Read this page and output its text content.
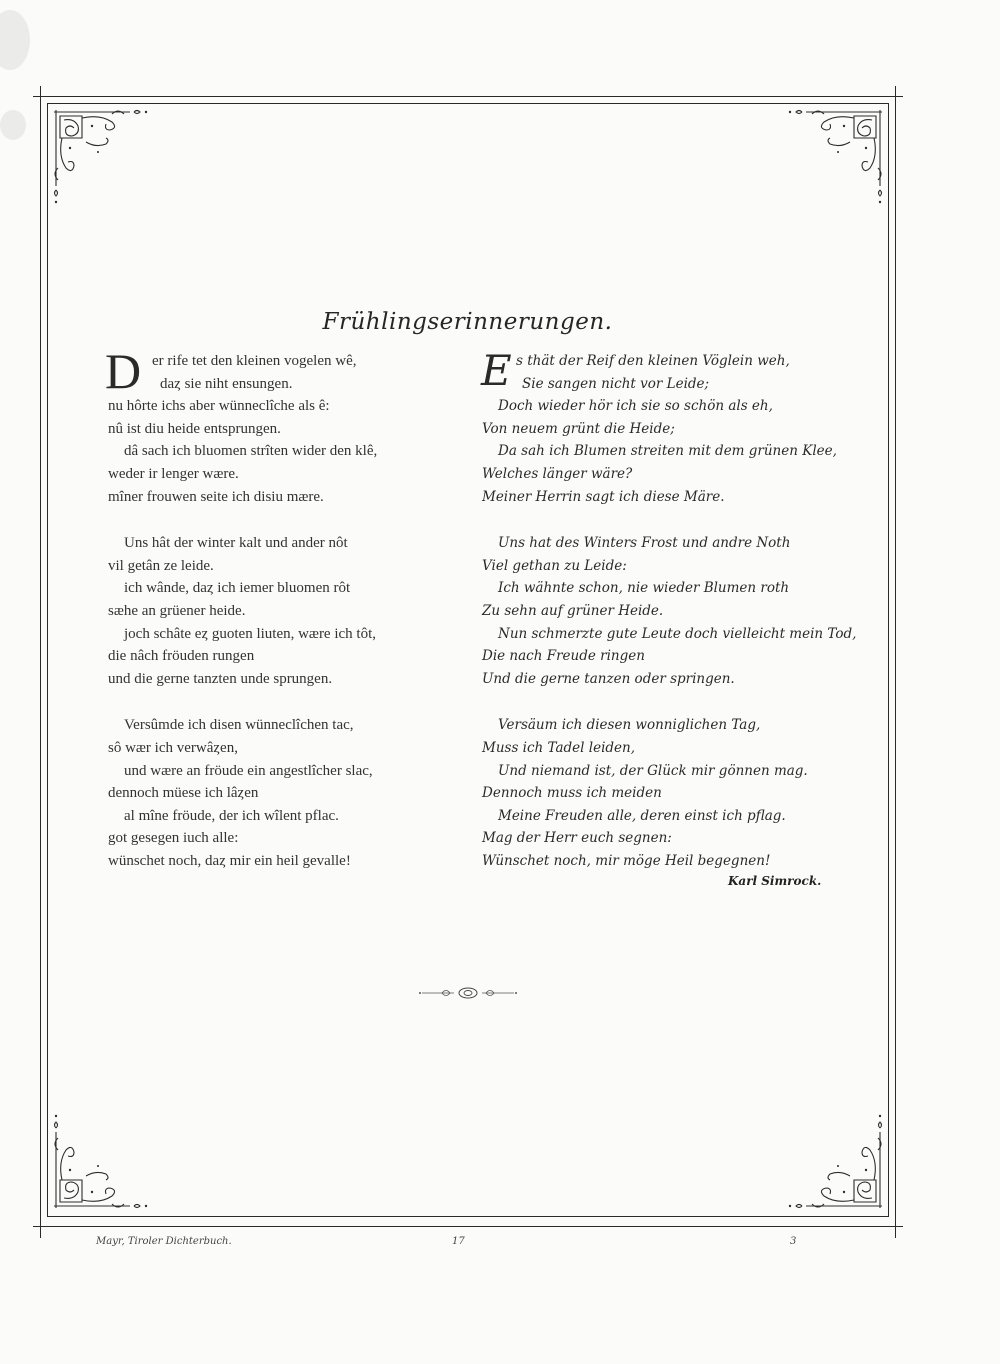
Frühlingserinnerungen.
D er rife tet den kleinen vogelen wê,
daȥ sie niht ensungen.
nu hôrte ichs aber wünneclîche als ê:
nû ist diu heide entsprungen.
dâ sach ich bluomen strîten wider den klê,
weder ir lenger wære.
mîner frouwen seite ich disiu mære.
Uns hât der winter kalt und ander nôt
vil getân ze leide.
ich wânde, daȥ ich iemer bluomen rôt
sæhe an grüener heide.
joch schâte eȥ guoten liuten, wære ich tôt,
die nâch fröuden rungen
und die gerne tanzten unde sprungen.
Versûmde ich disen wünneclîchen tac,
sô wær ich verwâȥen,
und wære an fröude ein angestlîcher slac,
dennoch müese ich lâȥen
al mîne fröude, der ich wîlent pflac.
got gesegen iuch alle:
wünschet noch, daȥ mir ein heil gevalle!
E s thät der Reif den kleinen Vöglein weh,
Sie sangen nicht vor Leide;
Doch wieder hör ich sie so schön als eh,
Von neuem grünt die Heide;
Da sah ich Blumen streiten mit dem grünen Klee,
Welches länger wäre?
Meiner Herrin sagt ich diese Märe.
Uns hat des Winters Frost und andre Noth
Viel gethan zu Leide:
Ich wähnte schon, nie wieder Blumen roth
Zu sehn auf grüner Heide.
Nun schmerzte gute Leute doch vielleicht mein Tod,
Die nach Freude ringen
Und die gerne tanzen oder springen.
Versäum ich diesen wonniglichen Tag,
Muss ich Tadel leiden,
Und niemand ist, der Glück mir gönnen mag.
Dennoch muss ich meiden
Meine Freuden alle, deren einst ich pflag.
Mag der Herr euch segnen:
Wünschet noch, mir möge Heil begegnen!
Karl Simrock.
Mayr, Tiroler Dichterbuch.	17	3
